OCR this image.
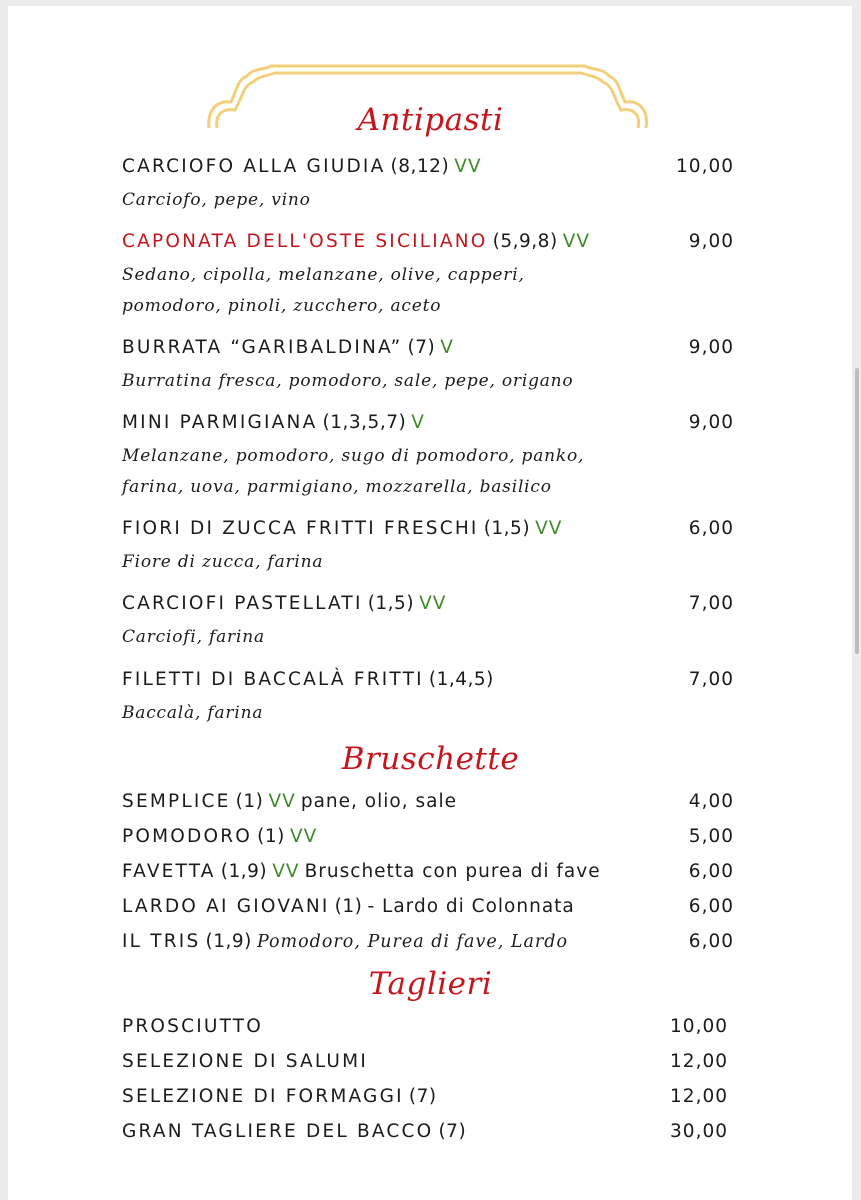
Antipasti
CARCIOFO ALLA GIUDIA (8,12) VV	10,00
Carciofo, pepe, vino
CAPONATA DELL'OSTE SICILIANO (5,9,8) VV	9,00
Sedano, cipolla, melanzane, olive, capperi,
pomodoro, pinoli, zucchero, aceto
BURRATA “GARIBALDINA” (7) V	9,00
Burratina fresca, pomodoro, sale, pepe, origano
MINI PARMIGIANA (1,3,5,7) V	9,00
Melanzane, pomodoro, sugo di pomodoro, panko,
farina, uova, parmigiano, mozzarella, basilico
FIORI DI ZUCCA FRITTI FRESCHI (1,5) VV	6,00
Fiore di zucca, farina
CARCIOFI PASTELLATI (1,5) VV	7,00
Carciofi, farina
FILETTI DI BACCALÀ FRITTI (1,4,5)	7,00
Baccalà, farina
Bruschette
SEMPLICE (1) VV pane, olio, sale	4,00
POMODORO (1) VV	5,00
FAVETTA (1,9) VV Bruschetta con purea di fave	6,00
LARDO AI GIOVANI (1) - Lardo di Colonnata	6,00
IL TRIS (1,9) Pomodoro, Purea di fave, Lardo	6,00
Taglieri
PROSCIUTTO	10,00
SELEZIONE DI SALUMI	12,00
SELEZIONE DI FORMAGGI (7)	12,00
GRAN TAGLIERE DEL BACCO (7)	30,00
